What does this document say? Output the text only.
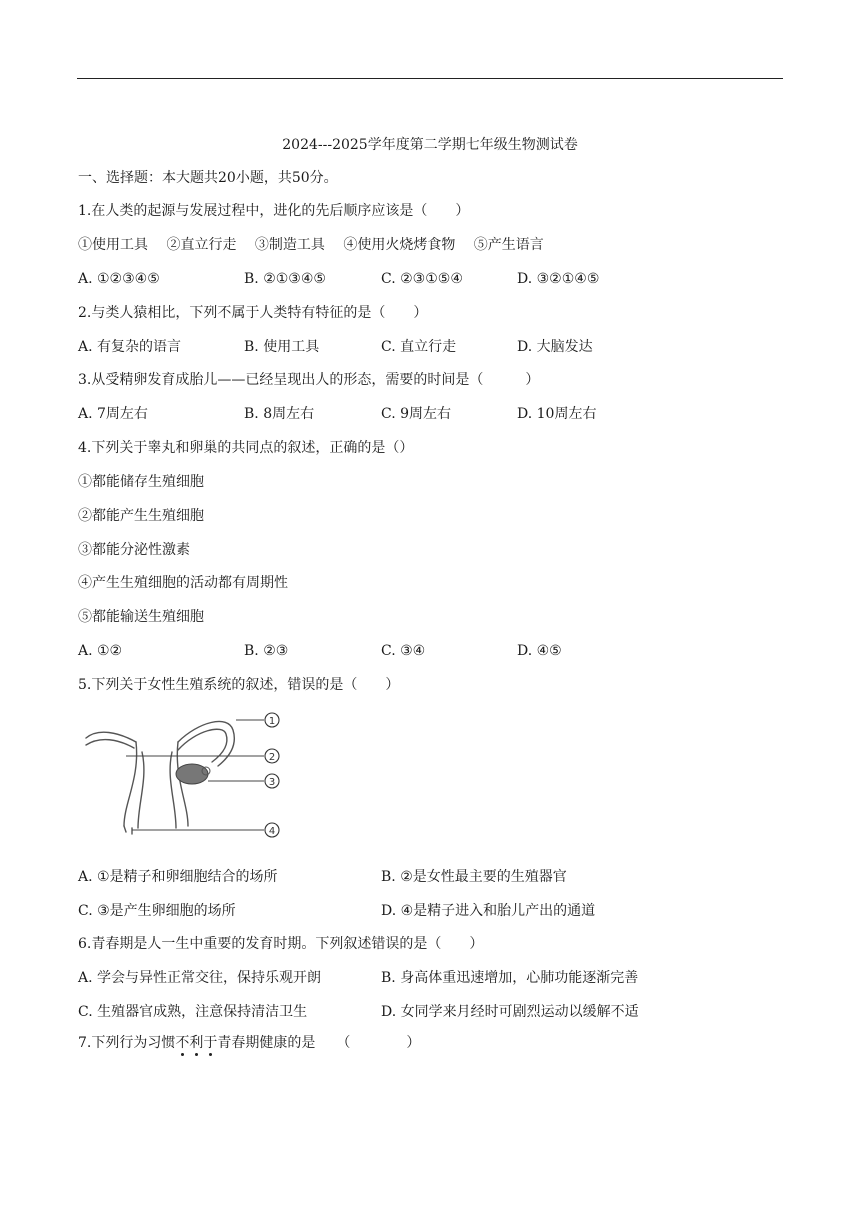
2024---2025学年度第二学期七年级生物测试卷
一、选择题：本大题共20小题，共50分。
1.在人类的起源与发展过程中，进化的先后顺序应该是（　　）
①使用工具　 ②直立行走　 ③制造工具　 ④使用火烧烤食物　 ⑤产生语言
A. ①②③④⑤	B. ②①③④⑤	C. ②③①⑤④	D. ③②①④⑤
2.与类人猿相比，下列不属于人类特有特征的是（　　）
A. 有复杂的语言	B. 使用工具	C. 直立行走	D. 大脑发达
3.从受精卵发育成胎儿——已经呈现出人的形态，需要的时间是（　　　）
A. 7周左右	B. 8周左右	C. 9周左右	D. 10周左右
4.下列关于睾丸和卵巢的共同点的叙述，正确的是（）
①都能储存生殖细胞
②都能产生生殖细胞
③都能分泌性激素
④产生生殖细胞的活动都有周期性
⑤都能输送生殖细胞
A. ①②	B. ②③	C. ③④	D. ④⑤
5.下列关于女性生殖系统的叙述，错误的是（　　）
1
2
3
4
A. ①是精子和卵细胞结合的场所	B. ②是女性最主要的生殖器官
C. ③是产生卵细胞的场所	D. ④是精子进入和胎儿产出的通道
6.青春期是人一生中重要的发育时期。下列叙述错误的是（　　）
A. 学会与异性正常交往，保持乐观开朗	B. 身高体重迅速增加，心肺功能逐渐完善
C. 生殖器官成熟，注意保持清洁卫生	D. 女同学来月经时可剧烈运动以缓解不适
7.下列行为习惯不利于青春期健康的是　　（　　　　）
